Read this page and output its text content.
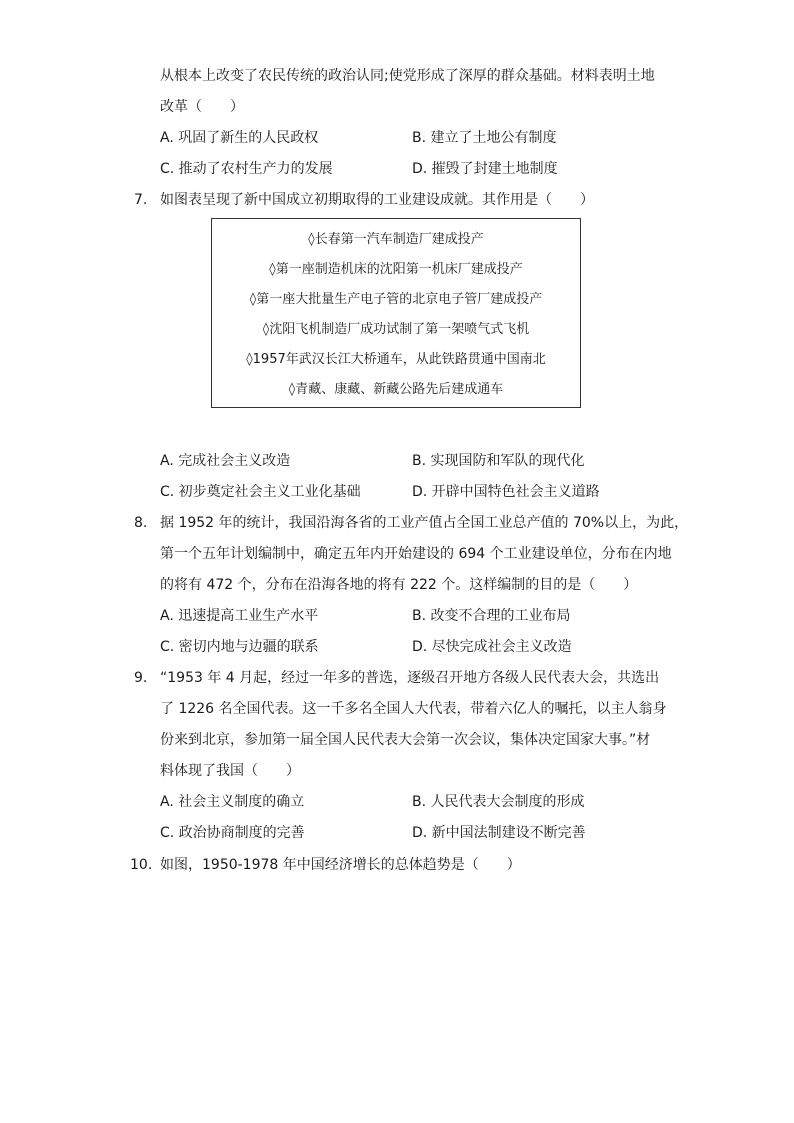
从根本上改变了农民传统的政治认同;使党形成了深厚的群众基础。材料表明土地
改革（　　）
A. 巩固了新生的人民政权	B. 建立了土地公有制度
C. 推动了农村生产力的发展	D. 摧毁了封建土地制度
7. 如图表呈现了新中国成立初期取得的工业建设成就。其作用是（　　）
◊长春第一汽车制造厂建成投产
◊第一座制造机床的沈阳第一机床厂建成投产
◊第一座大批量生产电子管的北京电子管厂建成投产
◊沈阳飞机制造厂成功试制了第一架喷气式飞机
◊1957年武汉长江大桥通车，从此铁路贯通中国南北
◊青藏、康藏、新藏公路先后建成通车
A. 完成社会主义改造	B. 实现国防和军队的现代化
C. 初步奠定社会主义工业化基础	D. 开辟中国特色社会主义道路
8. 据 1952 年的统计，我国沿海各省的工业产值占全国工业总产值的 70%以上，为此，
第一个五年计划编制中，确定五年内开始建设的 694 个工业建设单位，分布在内地
的将有 472 个，分布在沿海各地的将有 222 个。这样编制的目的是（　　）
A. 迅速提高工业生产水平	B. 改变不合理的工业布局
C. 密切内地与边疆的联系	D. 尽快完成社会主义改造
9. “1953 年 4 月起，经过一年多的普选，逐级召开地方各级人民代表大会，共选出
了 1226 名全国代表。这一千多名全国人大代表，带着六亿人的嘱托，以主人翁身
份来到北京，参加第一届全国人民代表大会第一次会议，集体决定国家大事。”材
料体现了我国（　　）
A. 社会主义制度的确立	B. 人民代表大会制度的形成
C. 政治协商制度的完善	D. 新中国法制建设不断完善
10. 如图，1950-1978 年中国经济增长的总体趋势是（　　）
